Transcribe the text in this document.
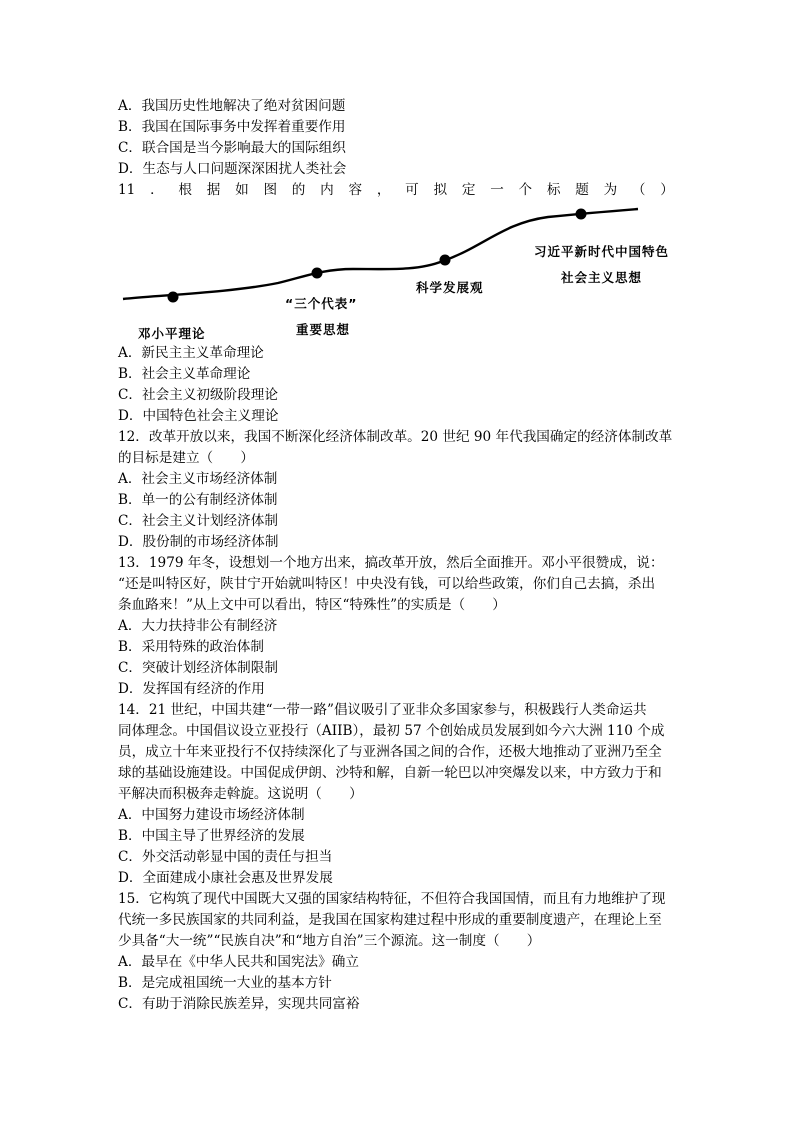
A．我国历史性地解决了绝对贫困问题
B．我国在国际事务中发挥着重要作用
C．联合国是当今影响最大的国际组织
D．生态与人口问题深深困扰人类社会
11 ． 根 据 如 图 的 内 容 ， 可 拟 定 一 个 标 题 为 （ ）
邓小平理论
“三个代表”
重要思想
科学发展观
习近平新时代中国特色
社会主义思想
A．新民主主义革命理论
B．社会主义革命理论
C．社会主义初级阶段理论
D．中国特色社会主义理论
12．改革开放以来，我国不断深化经济体制改革。20 世纪 90 年代我国确定的经济体制改革
的目标是建立（　　）
A．社会主义市场经济体制
B．单一的公有制经济体制
C．社会主义计划经济体制
D．股份制的市场经济体制
13．1979 年冬，设想划一个地方出来，搞改革开放，然后全面推开。邓小平很赞成，说：
“还是叫特区好，陕甘宁开始就叫特区！中央没有钱，可以给些政策，你们自己去搞，杀出
条血路来！”从上文中可以看出，特区“特殊性”的实质是（　　）
A．大力扶持非公有制经济
B．采用特殊的政治体制
C．突破计划经济体制限制
D．发挥国有经济的作用
14．21 世纪，中国共建“一带一路”倡议吸引了亚非众多国家参与，积极践行人类命运共
同体理念。中国倡议设立亚投行（AIIB），最初 57 个创始成员发展到如今六大洲 110 个成
员，成立十年来亚投行不仅持续深化了与亚洲各国之间的合作，还极大地推动了亚洲乃至全
球的基础设施建设。中国促成伊朗、沙特和解，自新一轮巴以冲突爆发以来，中方致力于和
平解决而积极奔走斡旋。这说明（　　）
A．中国努力建设市场经济体制
B．中国主导了世界经济的发展
C．外交活动彰显中国的责任与担当
D．全面建成小康社会惠及世界发展
15．它构筑了现代中国既大又强的国家结构特征，不但符合我国国情，而且有力地维护了现
代统一多民族国家的共同利益，是我国在国家构建过程中形成的重要制度遗产，在理论上至
少具备“大一统”“民族自决”和“地方自治”三个源流。这一制度（　　）
A．最早在《中华人民共和国宪法》确立
B．是完成祖国统一大业的基本方针
C．有助于消除民族差异，实现共同富裕
